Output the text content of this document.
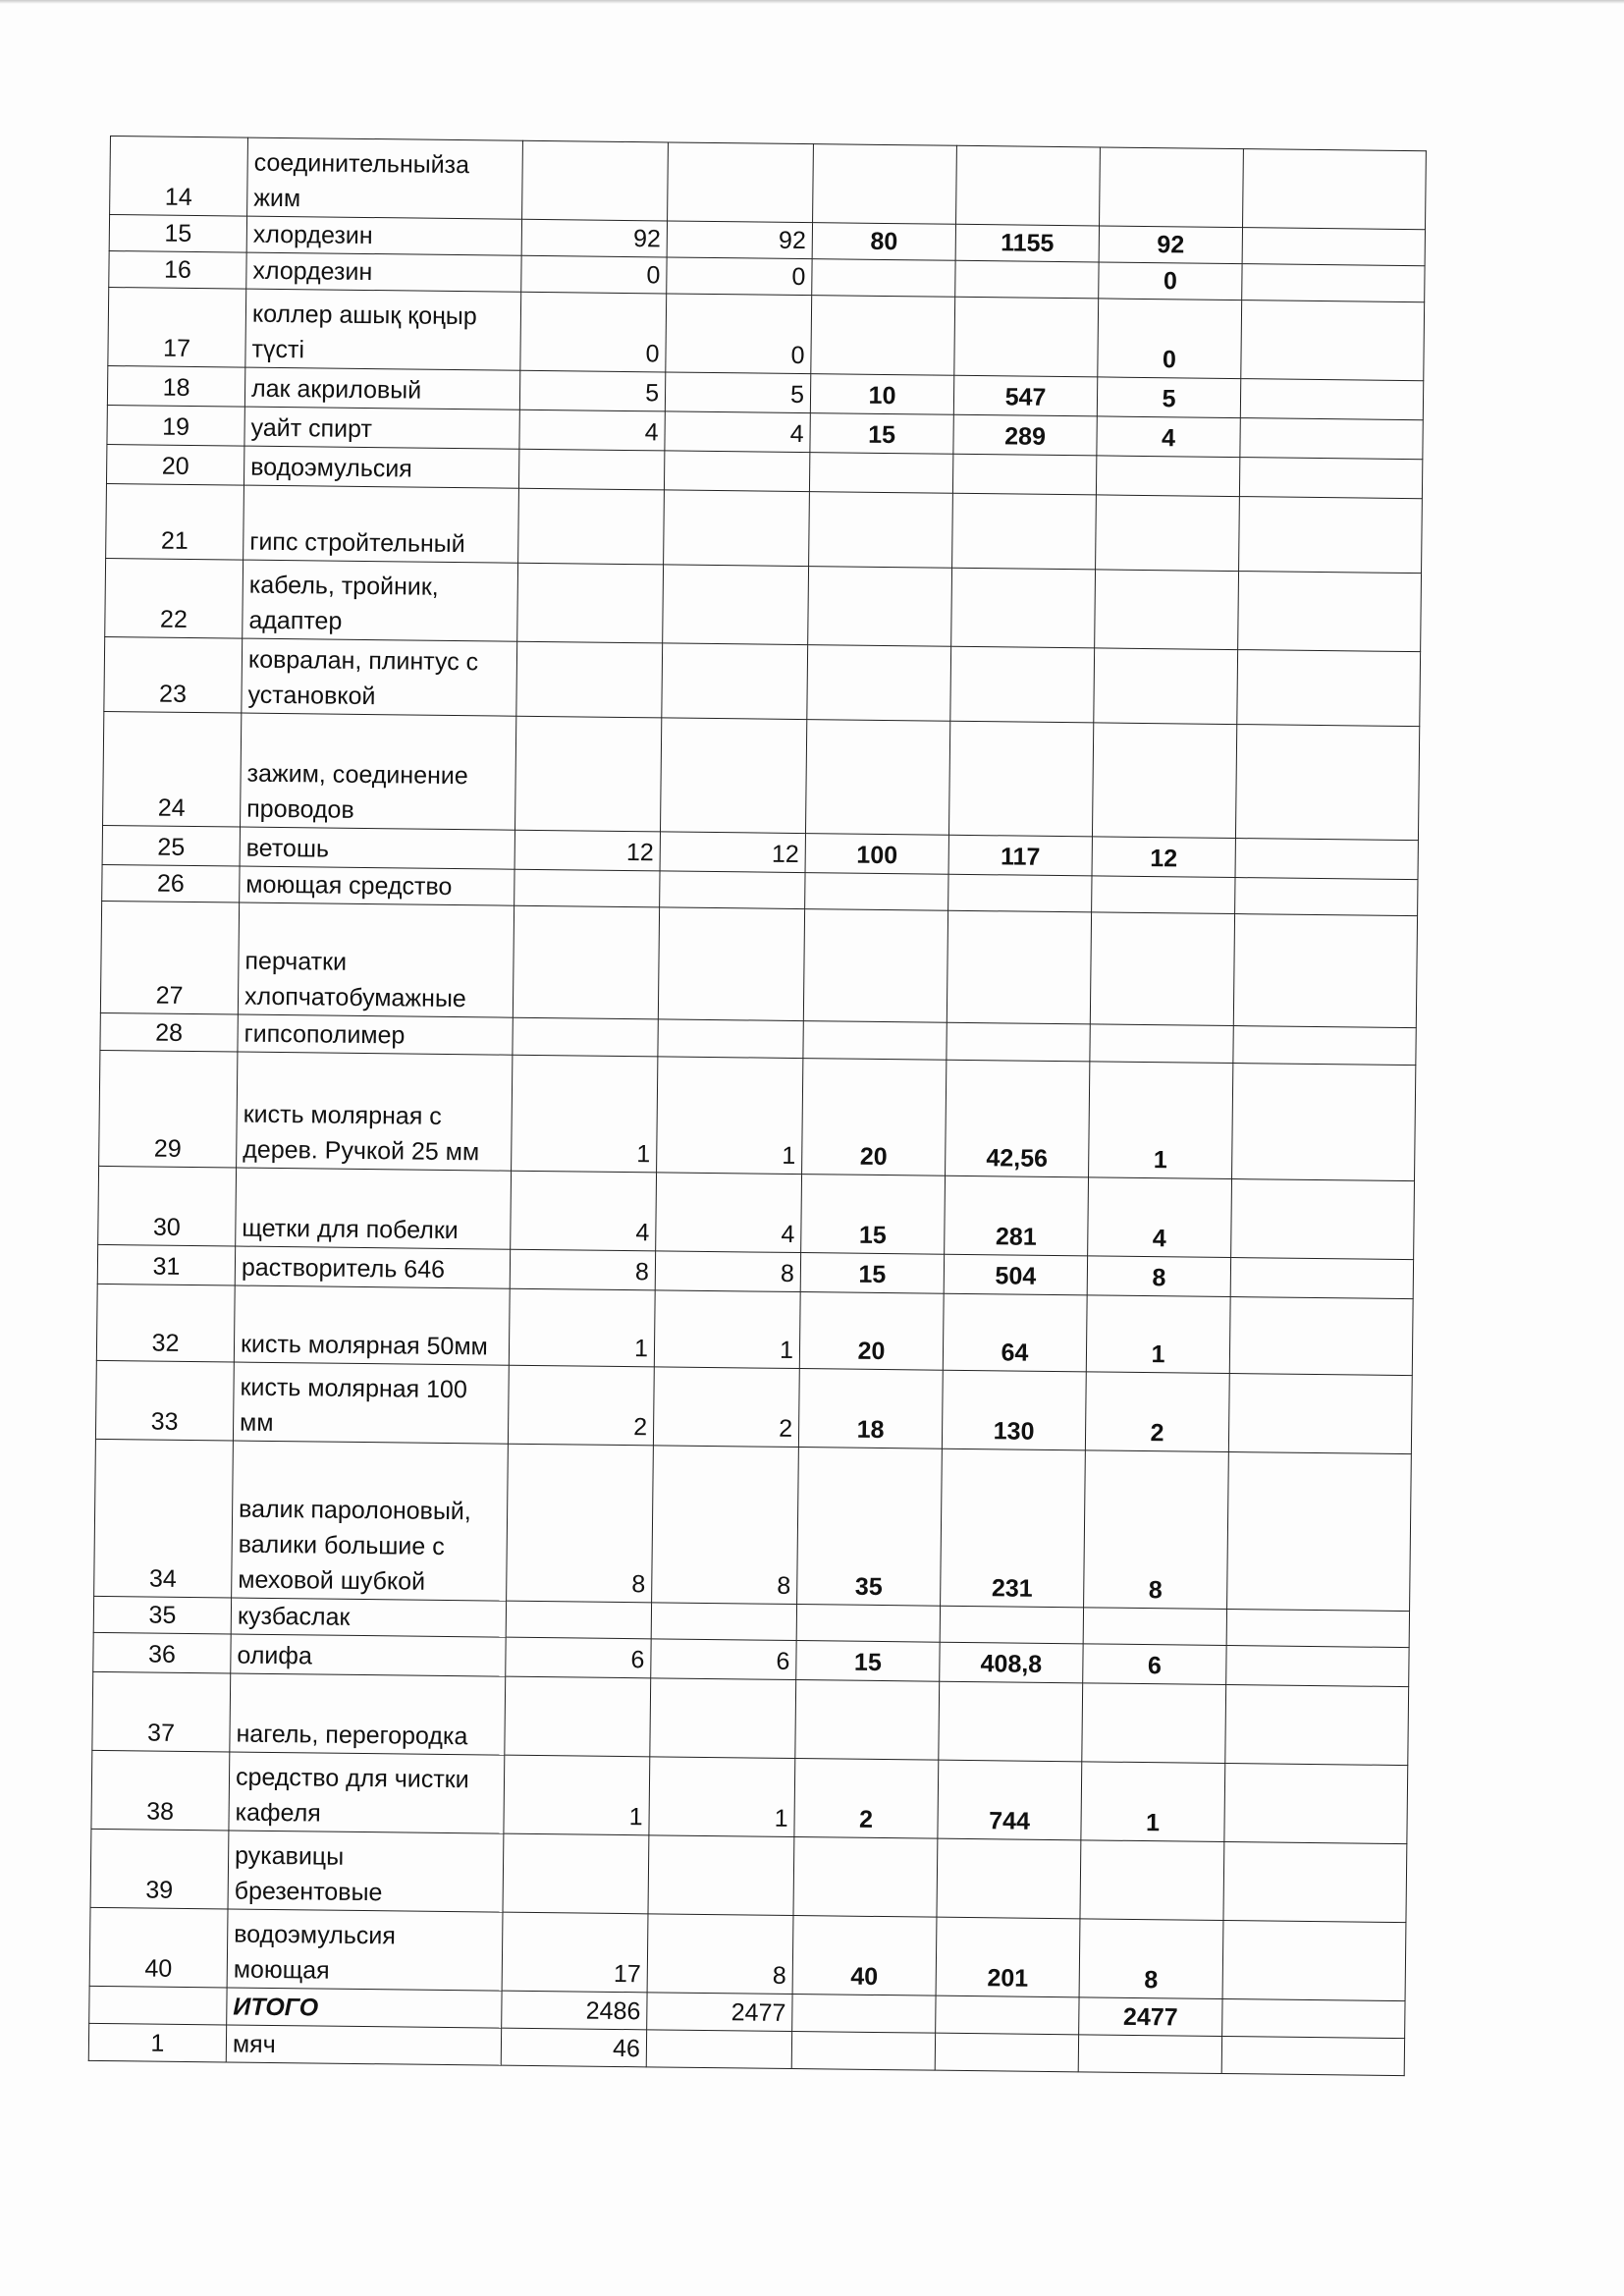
14	соединительныйза жим						
15	хлордезин	92	92	80	1155	92	
16	хлордезин	0	0			0	
17	коллер ашық қоңыр түсті	0	0			0	
18	лак акриловый	5	5	10	547	5	
19	уайт спирт	4	4	15	289	4	
20	водоэмульсия						
21	гипс стройтельный						
22	кабель, тройник, адаптер						
23	ковралан, плинтус с установкой						
24	зажим, соединение проводов						
25	ветошь	12	12	100	117	12	
26	моющая средство						
27	перчатки хлопчатобумажные						
28	гипсополимер						
29	кисть молярная с дерев. Ручкой 25 мм	1	1	20	42,56	1	
30	щетки для побелки	4	4	15	281	4	
31	растворитель 646	8	8	15	504	8	
32	кисть молярная 50мм	1	1	20	64	1	
33	кисть молярная 100 мм	2	2	18	130	2	
34	валик паролоновый, валики большие с меховой шубкой	8	8	35	231	8	
35	кузбаслак						
36	олифа	6	6	15	408,8	6	
37	нагель, перегородка						
38	средство для чистки кафеля	1	1	2	744	1	
39	рукавицы брезентовые						
40	водоэмульсия моющая	17	8	40	201	8	
	ИТОГО	2486	2477			2477	
1	мяч	46					
